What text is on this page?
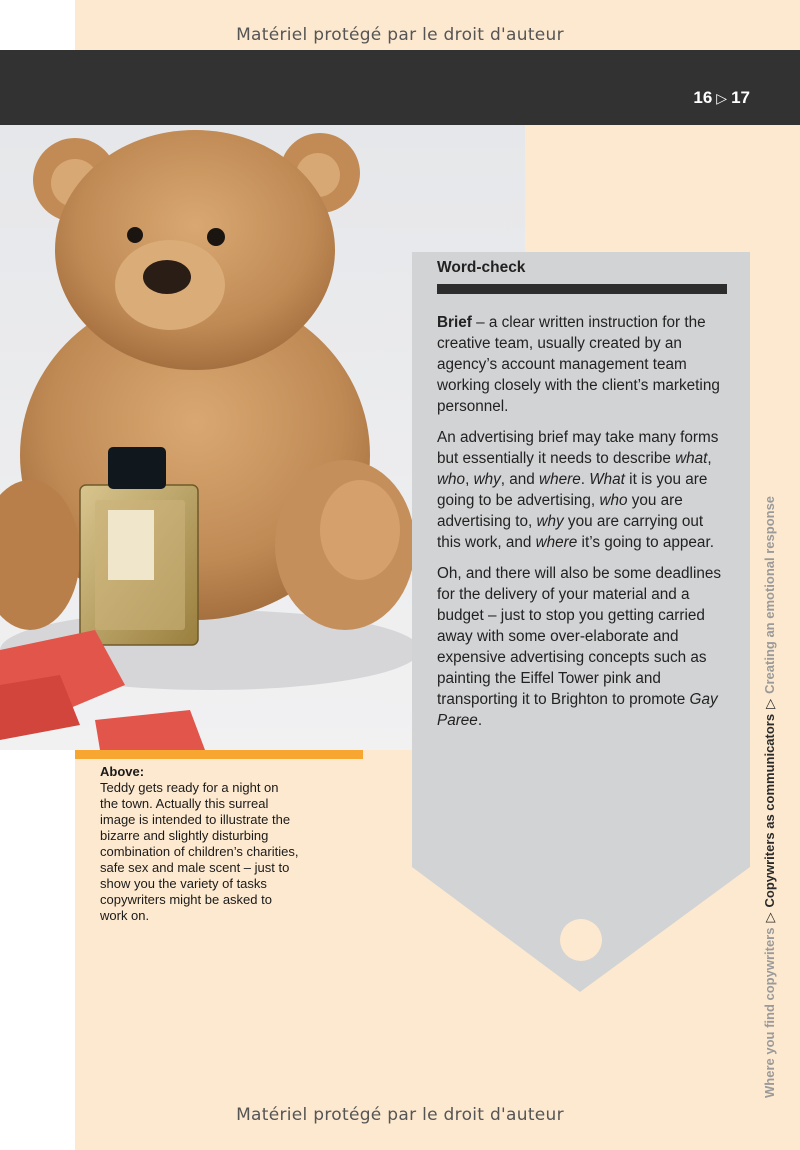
Matériel protégé par le droit d'auteur
16 ▷ 17
Above:
Teddy gets ready for a night on the town. Actually this surreal image is intended to illustrate the bizarre and slightly disturbing combination of children’s charities, safe sex and male scent – just to show you the variety of tasks copywriters might be asked to work on.
Word-check

Brief – a clear written instruction for the creative team, usually created by an agency’s account management team working closely with the client’s marketing personnel.

An advertising brief may take many forms but essentially it needs to describe what, who, why, and where. What it is you are going to be advertising, who you are advertising to, why you are carrying out this work, and where it’s going to appear.

Oh, and there will also be some deadlines for the delivery of your material and a budget – just to stop you getting carried away with some over-elaborate and expensive advertising concepts such as painting the Eiffel Tower pink and transporting it to Brighton to promote Gay Paree.

Where you find copywriters▷Copywriters as communicators▷Creating an emotional response
Matériel protégé par le droit d'auteur
